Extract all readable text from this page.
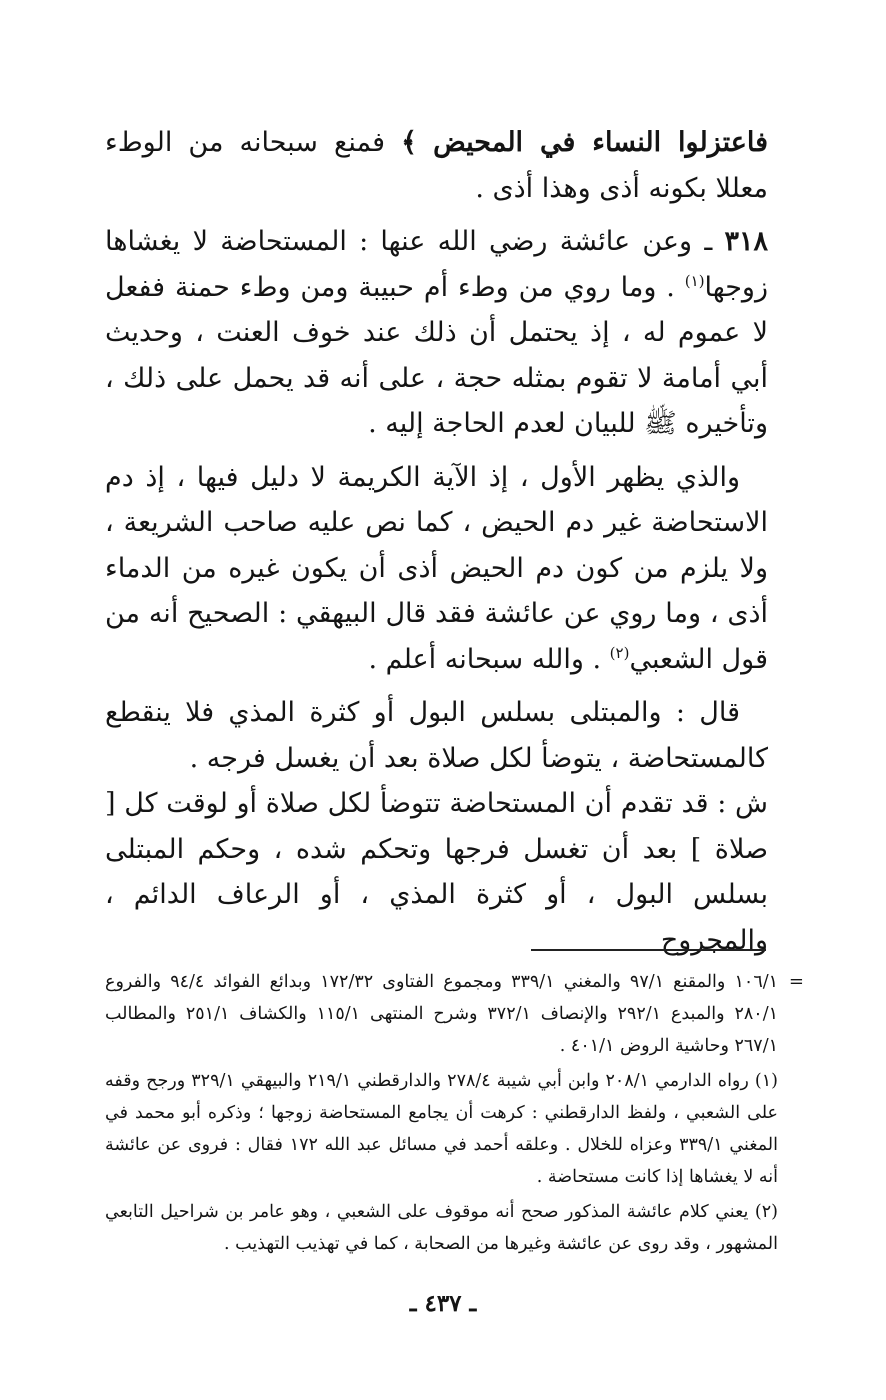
فاعتزلوا النساء في المحيض ﴾ فمنع سبحانه من الوطء معللا بكونه أذى وهذا أذى .

٣١٨ ـ وعن عائشة رضي الله عنها : المستحاضة لا يغشاها زوجها$^{(١)}$ . وما روي من وطء أم حبيبة ومن وطء حمنة ففعل لا عموم له ، إذ يحتمل أن ذلك عند خوف العنت ، وحديث أبي أمامة لا تقوم بمثله حجة ، على أنه قد يحمل على ذلك ، وتأخيره ﷺ للبيان لعدم الحاجة إليه .

والذي يظهر الأول ، إذ الآية الكريمة لا دليل فيها ، إذ دم الاستحاضة غير دم الحيض ، كما نص عليه صاحب الشريعة ، ولا يلزم من كون دم الحيض أذى أن يكون غيره من الدماء أذى ، وما روي عن عائشة فقد قال البيهقي : الصحيح أنه من قول الشعبي$^{(٢)}$ . والله سبحانه أعلم .

قال : والمبتلى بسلس البول أو كثرة المذي فلا ينقطع كالمستحاضة ، يتوضأ لكل صلاة بعد أن يغسل فرجه .

ش : قد تقدم أن المستحاضة تتوضأ لكل صلاة أو لوقت كل [ صلاة ] بعد أن تغسل فرجها وتحكم شده ، وحكم المبتلى بسلس البول ، أو كثرة المذي ، أو الرعاف الدائم ، والمجروح

=

١٠٦/١ والمقنع ٩٧/١ والمغني ٣٣٩/١ ومجموع الفتاوى ١٧٢/٣٢ وبدائع الفوائد ٩٤/٤ والفروع ٢٨٠/١ والمبدع ٢٩٢/١ والإنصاف ٣٧٢/١ وشرح المنتهى ١١٥/١ والكشاف ٢٥١/١ والمطالب ٢٦٧/١ وحاشية الروض ٤٠١/١ .

(١) رواه الدارمي ٢٠٨/١ وابن أبي شيبة ٢٧٨/٤ والدارقطني ٢١٩/١ والبيهقي ٣٢٩/١ ورجح وقفه على الشعبي ، ولفظ الدارقطني : كرهت أن يجامع المستحاضة زوجها ؛ وذكره أبو محمد في المغني ٣٣٩/١ وعزاه للخلال . وعلقه أحمد في مسائل عبد الله ١٧٢ فقال : فروى عن عائشة أنه لا يغشاها إذا كانت مستحاضة .

(٢) يعني كلام عائشة المذكور صحح أنه موقوف على الشعبي ، وهو عامر بن شراحيل التابعي المشهور ، وقد روى عن عائشة وغيرها من الصحابة ، كما في تهذيب التهذيب .

ـ ٤٣٧ ـ
